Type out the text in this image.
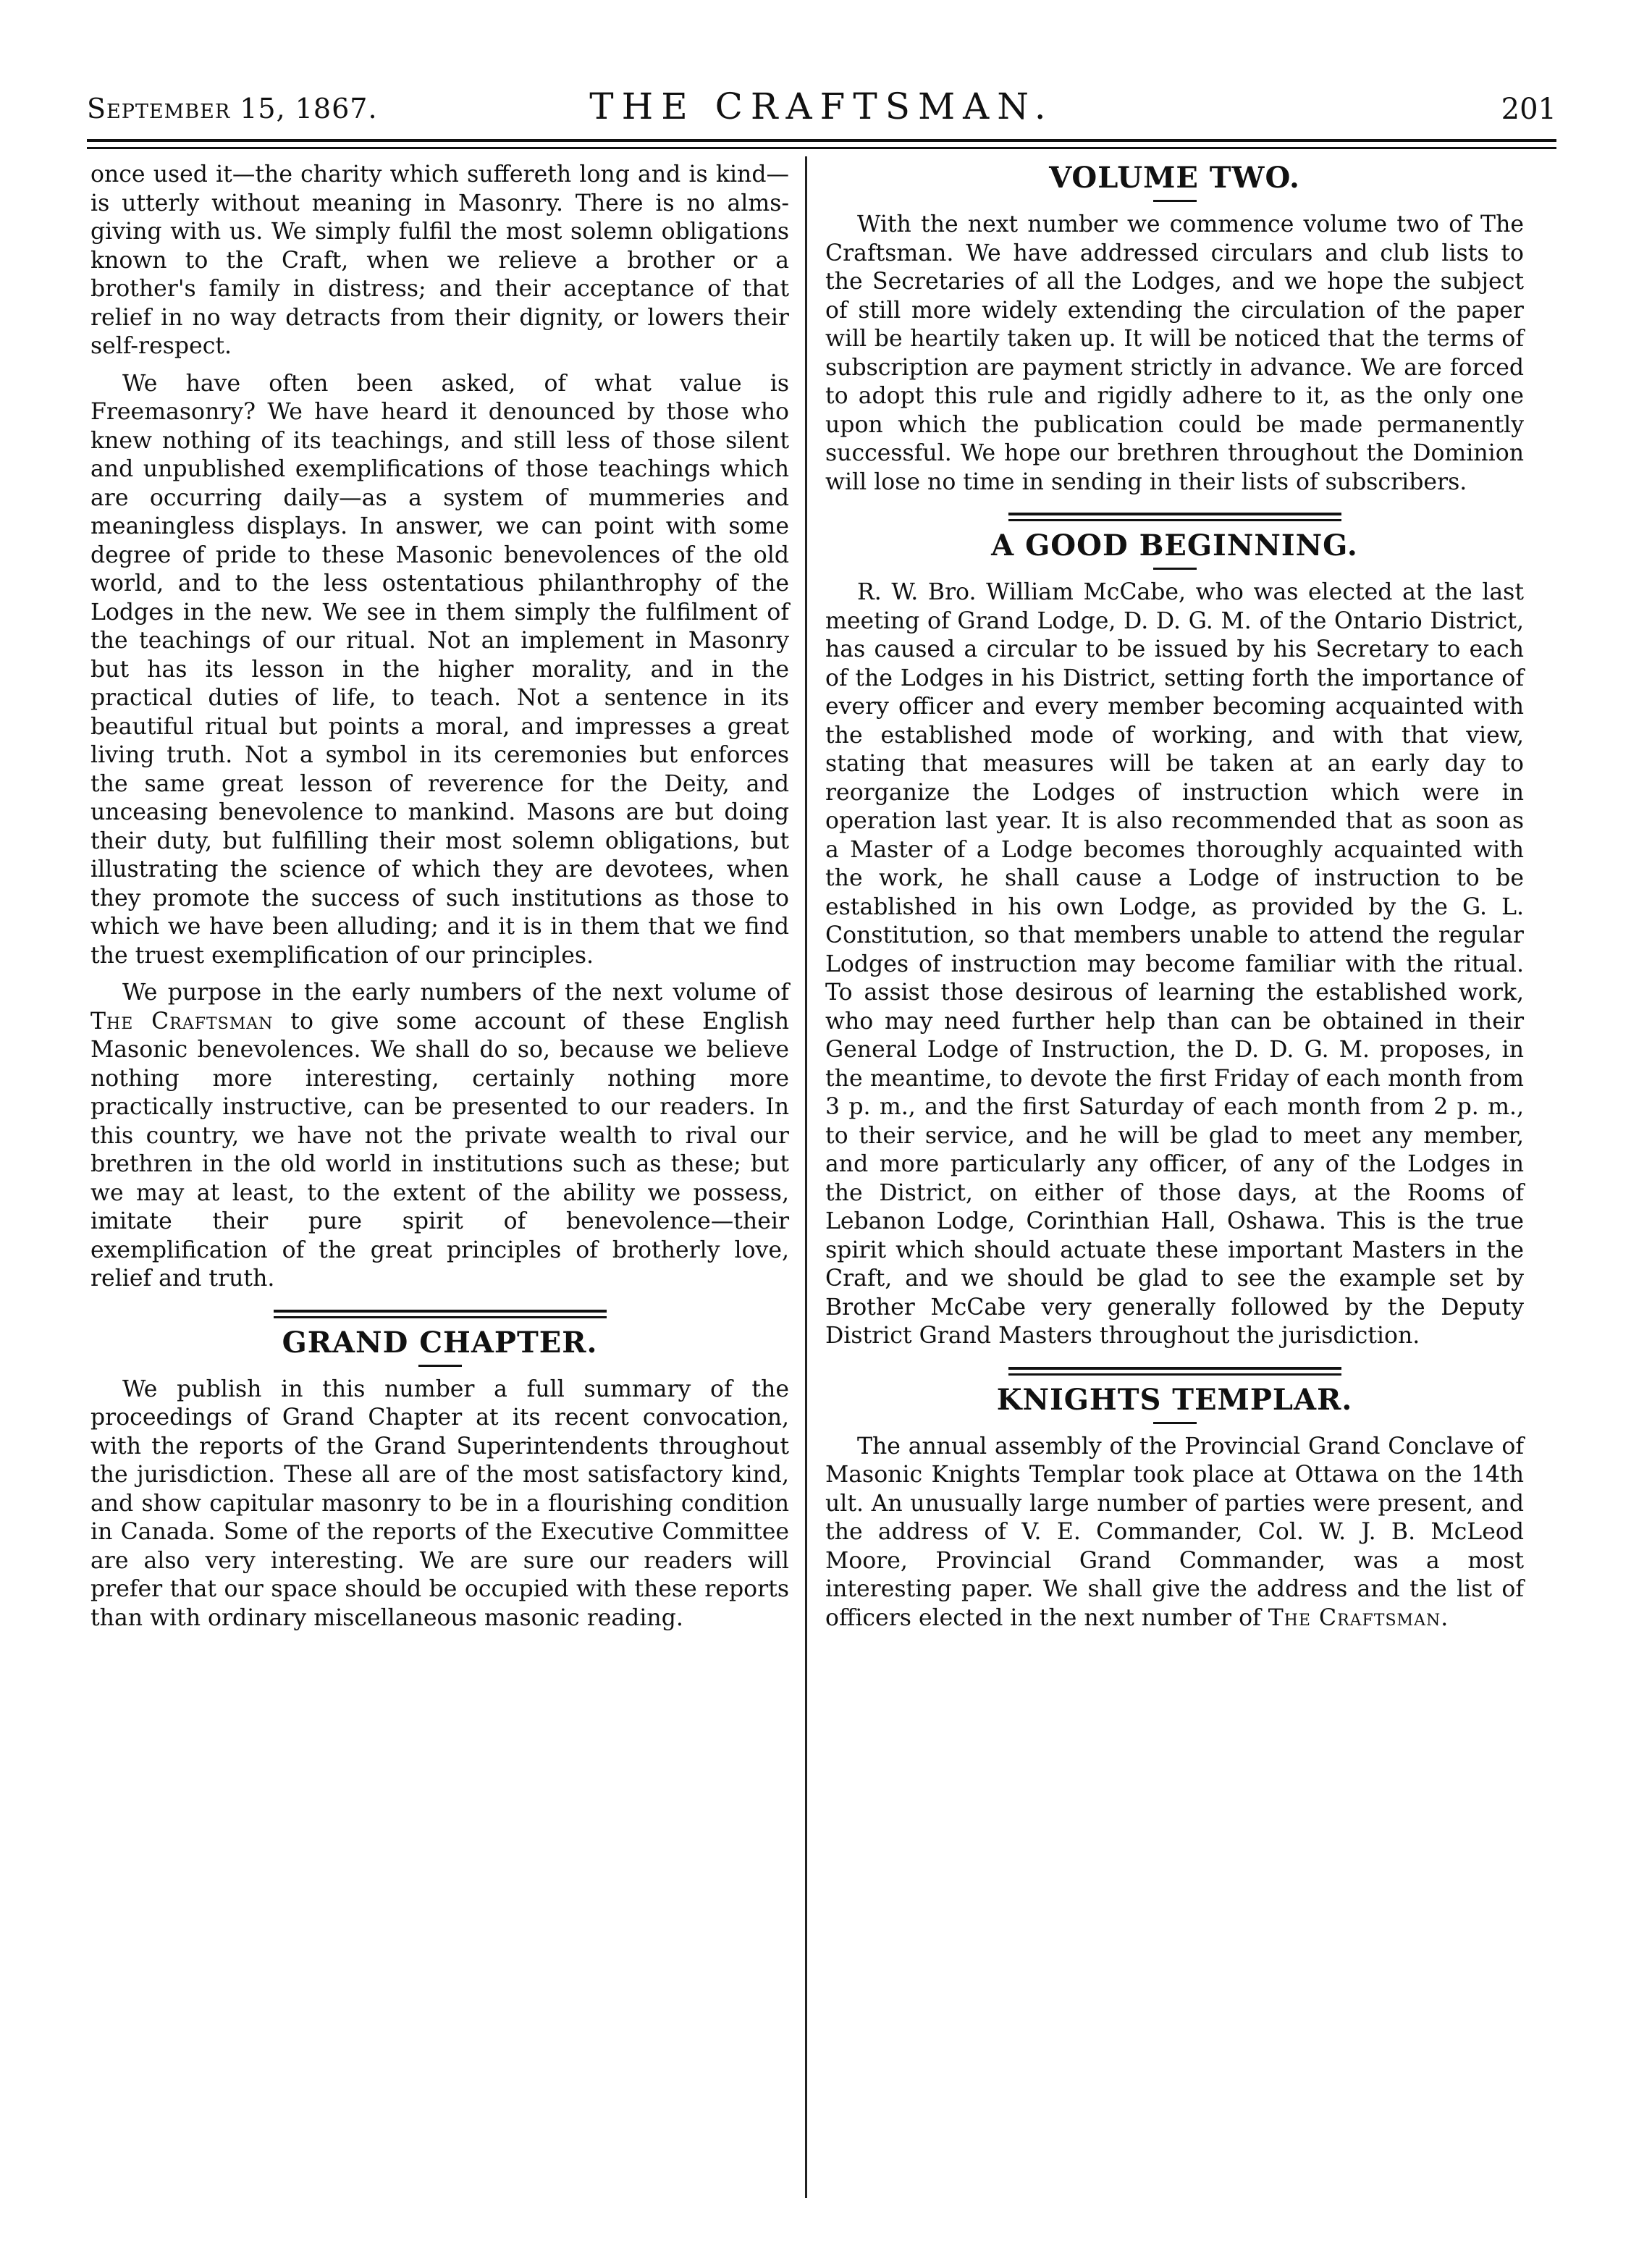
September 15, 1867.	THE CRAFTSMAN.	201

once used it—the charity which suffereth long and is kind—is utterly without meaning in Masonry. There is no alms-giving with us. We simply fulfil the most solemn obligations known to the Craft, when we relieve a brother or a brother's family in distress; and their acceptance of that relief in no way detracts from their dignity, or lowers their self-respect.

We have often been asked, of what value is Freemasonry? We have heard it denounced by those who knew nothing of its teachings, and still less of those silent and unpublished exemplifications of those teachings which are occurring daily—as a system of mummeries and meaningless displays. In answer, we can point with some degree of pride to these Masonic benevolences of the old world, and to the less ostentatious philanthrophy of the Lodges in the new. We see in them simply the fulfilment of the teachings of our ritual. Not an implement in Masonry but has its lesson in the higher morality, and in the practical duties of life, to teach. Not a sentence in its beautiful ritual but points a moral, and impresses a great living truth. Not a symbol in its ceremonies but enforces the same great lesson of reverence for the Deity, and unceasing benevolence to mankind. Masons are but doing their duty, but fulfilling their most solemn obligations, but illustrating the science of which they are devotees, when they promote the success of such institutions as those to which we have been alluding; and it is in them that we find the truest exemplification of our principles.

We purpose in the early numbers of the next volume of The Craftsman to give some account of these English Masonic benevolences. We shall do so, because we believe nothing more interesting, certainly nothing more practically instructive, can be presented to our readers. In this country, we have not the private wealth to rival our brethren in the old world in institutions such as these; but we may at least, to the extent of the ability we possess, imitate their pure spirit of benevolence—their exemplification of the great principles of brotherly love, relief and truth.

GRAND CHAPTER.

We publish in this number a full summary of the proceedings of Grand Chapter at its recent convocation, with the reports of the Grand Superintendents throughout the jurisdiction. These all are of the most satisfactory kind, and show capitular masonry to be in a flourishing condition in Canada. Some of the reports of the Executive Committee are also very interesting. We are sure our readers will prefer that our space should be occupied with these reports than with ordinary miscellaneous masonic reading.

VOLUME TWO.

With the next number we commence volume two of The Craftsman. We have addressed circulars and club lists to the Secretaries of all the Lodges, and we hope the subject of still more widely extending the circulation of the paper will be heartily taken up. It will be noticed that the terms of subscription are payment strictly in advance. We are forced to adopt this rule and rigidly adhere to it, as the only one upon which the publication could be made permanently successful. We hope our brethren throughout the Dominion will lose no time in sending in their lists of subscribers.

A GOOD BEGINNING.

R. W. Bro. William McCabe, who was elected at the last meeting of Grand Lodge, D. D. G. M. of the Ontario District, has caused a circular to be issued by his Secretary to each of the Lodges in his District, setting forth the importance of every officer and every member becoming acquainted with the established mode of working, and with that view, stating that measures will be taken at an early day to reorganize the Lodges of instruction which were in operation last year. It is also recommended that as soon as a Master of a Lodge becomes thoroughly acquainted with the work, he shall cause a Lodge of instruction to be established in his own Lodge, as provided by the G. L. Constitution, so that members unable to attend the regular Lodges of instruction may become familiar with the ritual. To assist those desirous of learning the established work, who may need further help than can be obtained in their General Lodge of Instruction, the D. D. G. M. proposes, in the meantime, to devote the first Friday of each month from 3 p. m., and the first Saturday of each month from 2 p. m., to their service, and he will be glad to meet any member, and more particularly any officer, of any of the Lodges in the District, on either of those days, at the Rooms of Lebanon Lodge, Corinthian Hall, Oshawa. This is the true spirit which should actuate these important Masters in the Craft, and we should be glad to see the example set by Brother McCabe very generally followed by the Deputy District Grand Masters throughout the jurisdiction.

KNIGHTS TEMPLAR.

The annual assembly of the Provincial Grand Conclave of Masonic Knights Templar took place at Ottawa on the 14th ult. An unusually large number of parties were present, and the address of V. E. Commander, Col. W. J. B. McLeod Moore, Provincial Grand Commander, was a most interesting paper. We shall give the address and the list of officers elected in the next number of The Craftsman.
